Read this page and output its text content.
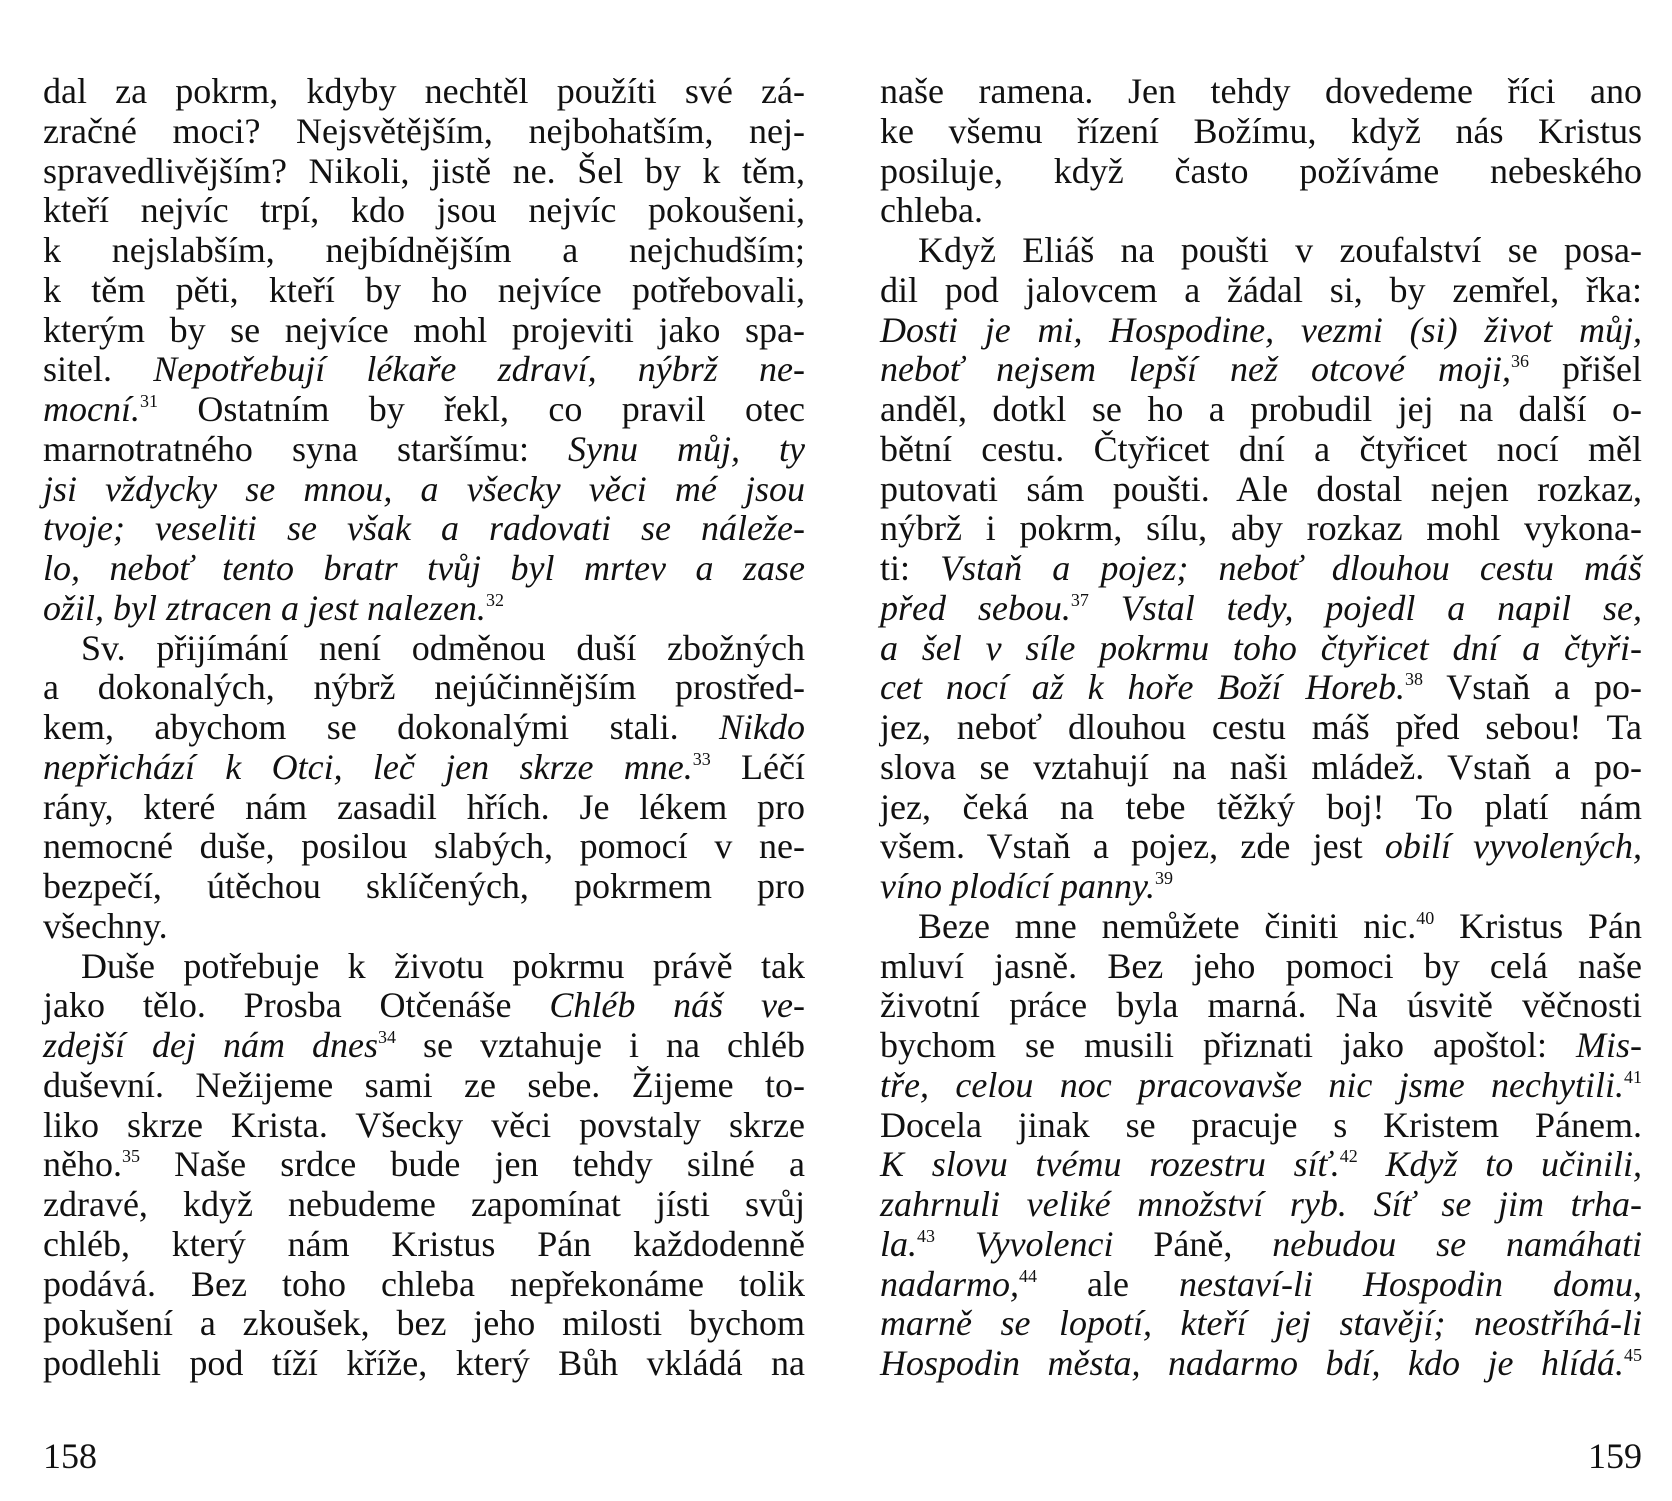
dal za pokrm, kdyby nechtěl použíti své zá-
zračné moci? Nejsvětějším, nejbohatším, nej-
spravedlivějším? Nikoli, jistě ne. Šel by k těm,
kteří nejvíc trpí, kdo jsou nejvíc pokoušeni,
k nejslabším, nejbídnějším a nejchudším;
k těm pěti, kteří by ho nejvíce potřebovali,
kterým by se nejvíce mohl projeviti jako spa-
sitel. Nepotřebují lékaře zdraví, nýbrž ne-
mocní.$^{31}$ Ostatním by řekl, co pravil otec
marnotratného syna staršímu: Synu můj, ty
jsi vždycky se mnou, a všecky věci mé jsou
tvoje; veseliti se však a radovati se náleže-
lo, neboť tento bratr tvůj byl mrtev a zase
ožil, byl ztracen a jest nalezen.$^{32}$
Sv. přijímání není odměnou duší zbožných
a dokonalých, nýbrž nejúčinnějším prostřed-
kem, abychom se dokonalými stali. Nikdo
nepřichází k Otci, leč jen skrze mne.$^{33}$ Léčí
rány, které nám zasadil hřích. Je lékem pro
nemocné duše, posilou slabých, pomocí v ne-
bezpečí, útěchou sklíčených, pokrmem pro
všechny.
Duše potřebuje k životu pokrmu právě tak
jako tělo. Prosba Otčenáše Chléb náš ve-
zdejší dej nám dnes$^{34}$ se vztahuje i na chléb
duševní. Nežijeme sami ze sebe. Žijeme to-
liko skrze Krista. Všecky věci povstaly skrze
něho.$^{35}$ Naše srdce bude jen tehdy silné a
zdravé, když nebudeme zapomínat jísti svůj
chléb, který nám Kristus Pán každodenně
podává. Bez toho chleba nepřekonáme tolik
pokušení a zkoušek, bez jeho milosti bychom
podlehli pod tíží kříže, který Bůh vkládá na
naše ramena. Jen tehdy dovedeme říci ano
ke všemu řízení Božímu, když nás Kristus
posiluje, když často požíváme nebeského
chleba.
Když Eliáš na poušti v zoufalství se posa-
dil pod jalovcem a žádal si, by zemřel, řka:
Dosti je mi, Hospodine, vezmi (si) život můj,
neboť nejsem lepší než otcové moji,$^{36}$ přišel
anděl, dotkl se ho a probudil jej na další o-
bětní cestu. Čtyřicet dní a čtyřicet nocí měl
putovati sám poušti. Ale dostal nejen rozkaz,
nýbrž i pokrm, sílu, aby rozkaz mohl vykona-
ti: Vstaň a pojez; neboť dlouhou cestu máš
před sebou.$^{37}$ Vstal tedy, pojedl a napil se,
a šel v síle pokrmu toho čtyřicet dní a čtyři-
cet nocí až k hoře Boží Horeb.$^{38}$ Vstaň a po-
jez, neboť dlouhou cestu máš před sebou! Ta
slova se vztahují na naši mládež. Vstaň a po-
jez, čeká na tebe těžký boj! To platí nám
všem. Vstaň a pojez, zde jest obilí vyvolených,
víno plodící panny.$^{39}$
Beze mne nemůžete činiti nic.$^{40}$ Kristus Pán
mluví jasně. Bez jeho pomoci by celá naše
životní práce byla marná. Na úsvitě věčnosti
bychom se musili přiznati jako apoštol: Mis-
tře, celou noc pracovavše nic jsme nechytili.$^{41}$
Docela jinak se pracuje s Kristem Pánem.
K slovu tvému rozestru síť.$^{42}$ Když to učinili,
zahrnuli veliké množství ryb. Síť se jim trha-
la.$^{43}$ Vyvolenci Páně, nebudou se namáhati
nadarmo,$^{44}$ ale nestaví-li Hospodin domu,
marně se lopotí, kteří jej stavějí; neostříhá-li
Hospodin města, nadarmo bdí, kdo je hlídá.$^{45}$
158	159
